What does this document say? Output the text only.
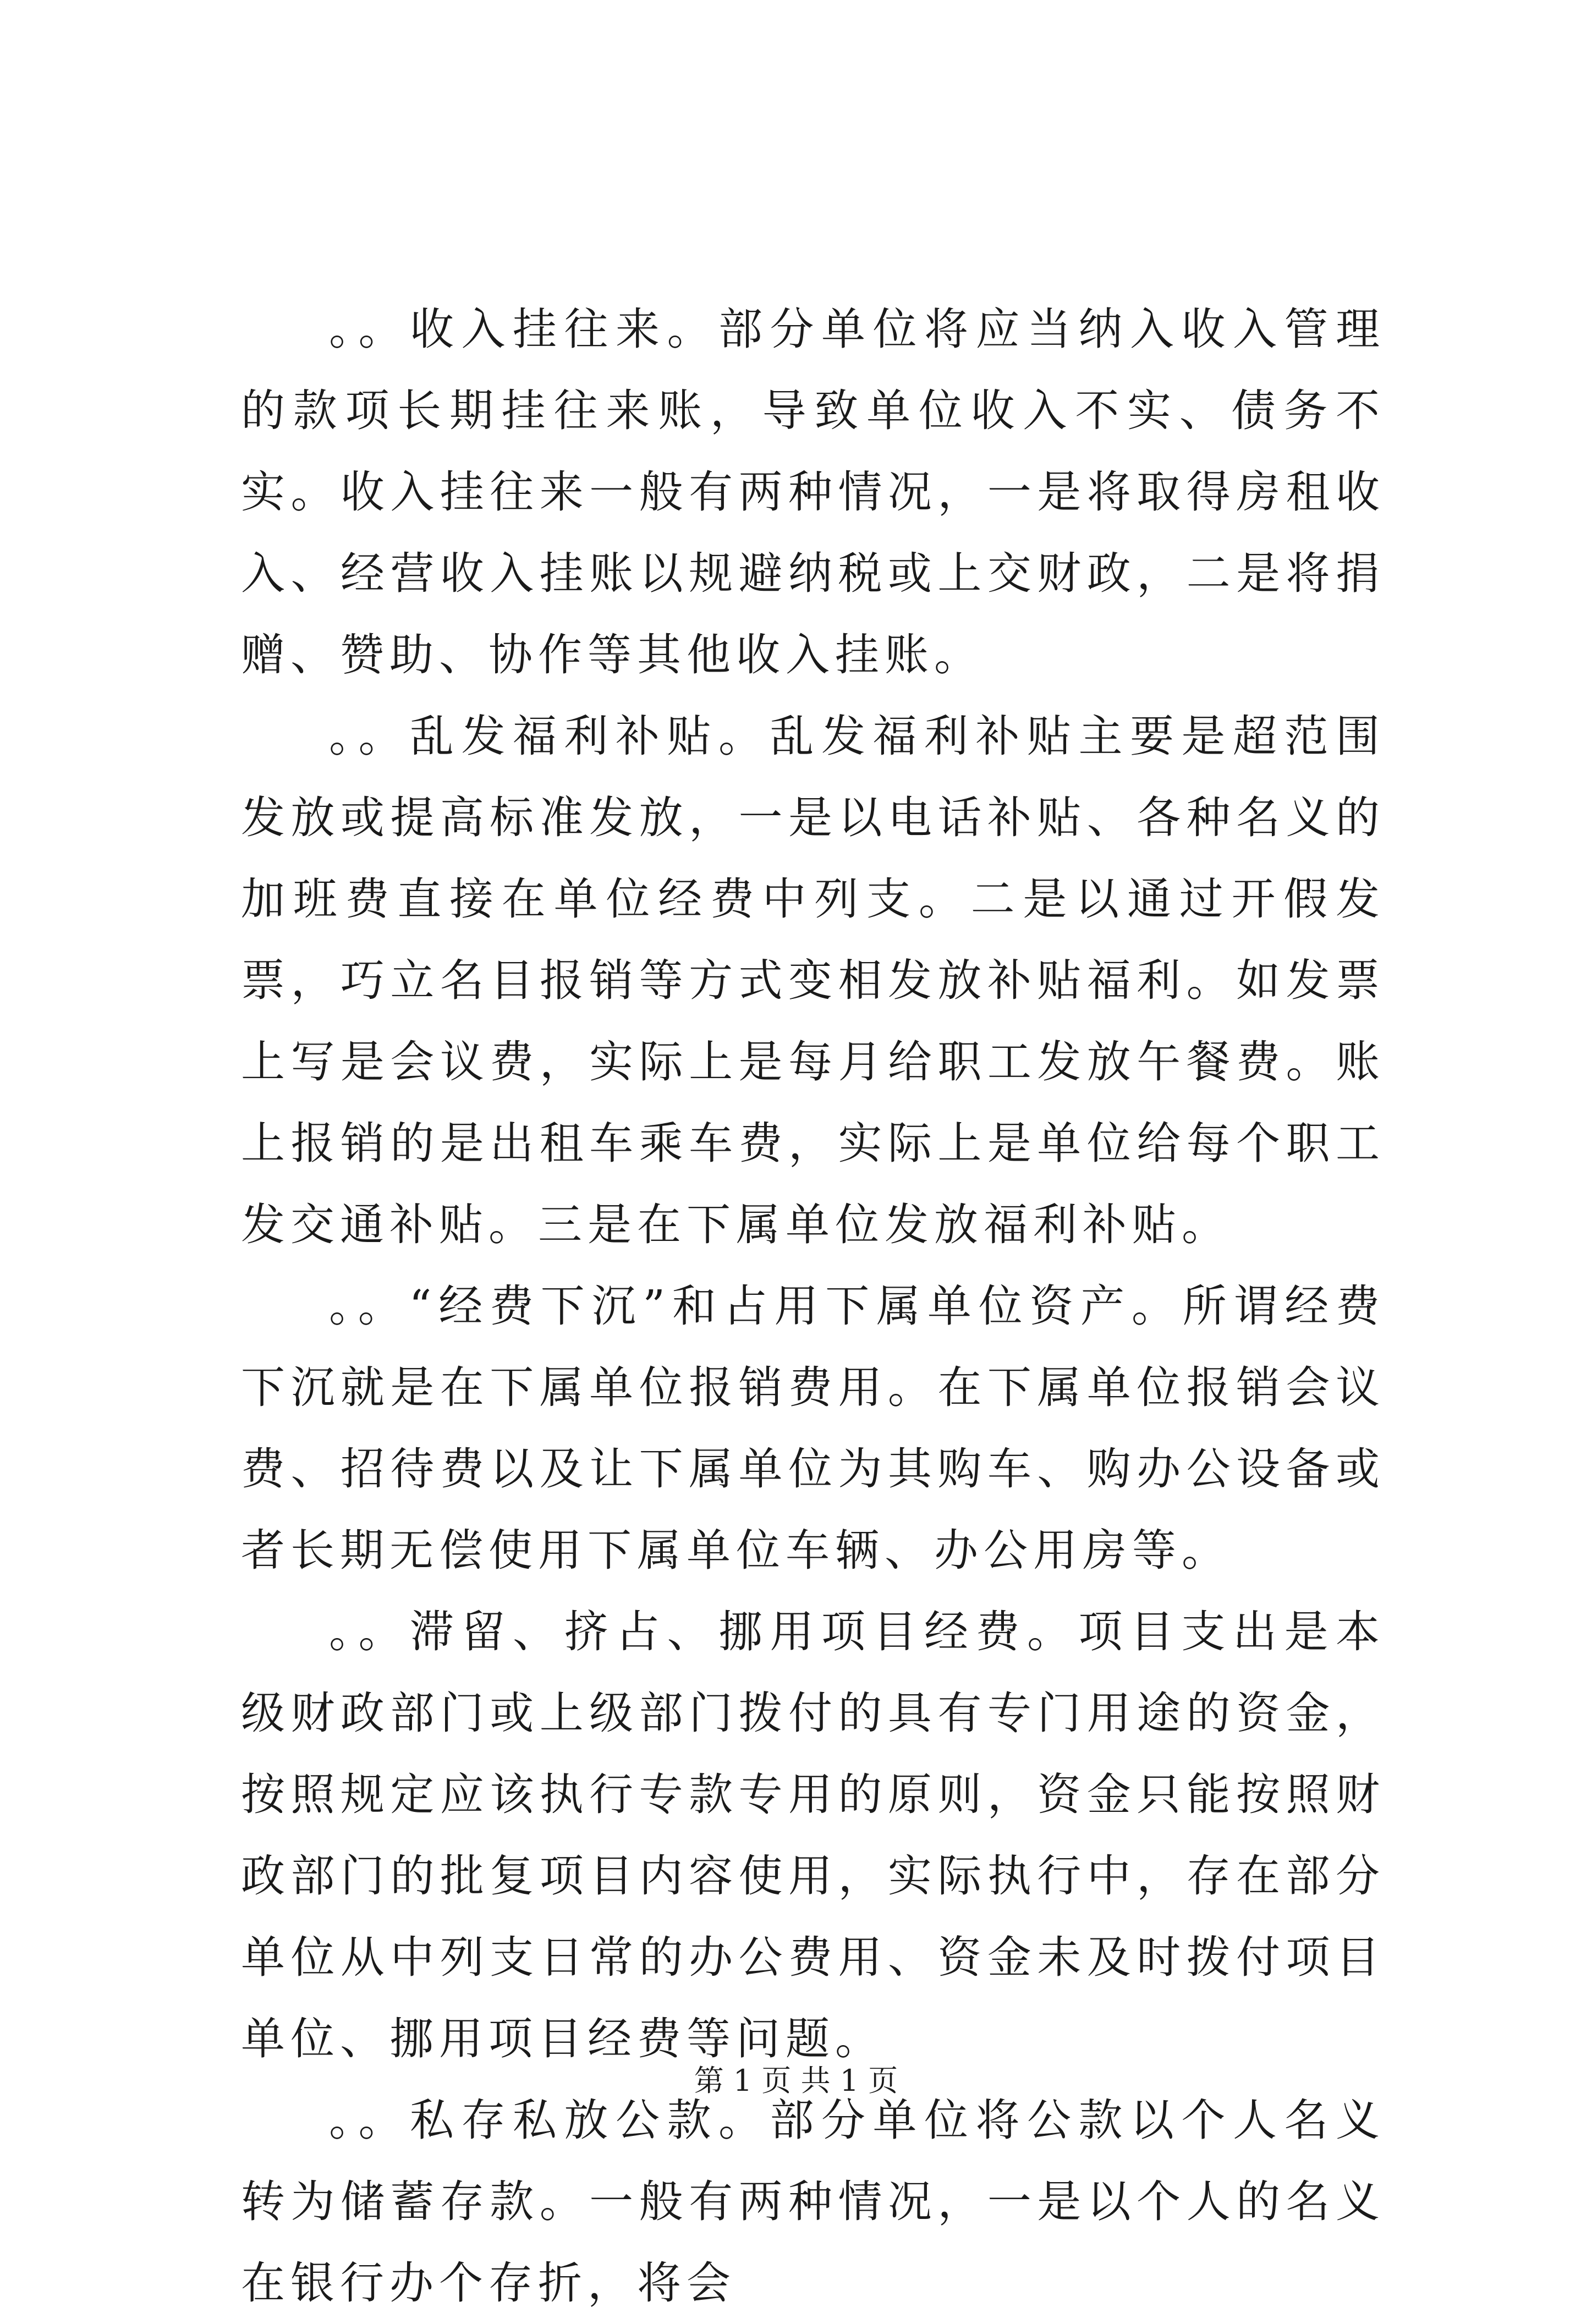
。。收入挂往来。部分单位将应当纳入收入管理的款项长期挂往来账，导致单位收入不实、债务不实。收入挂往来一般有两种情况，一是将取得房租收入、经营收入挂账以规避纳税或上交财政，二是将捐赠、赞助、协作等其他收入挂账。

。。乱发福利补贴。乱发福利补贴主要是超范围发放或提高标准发放，一是以电话补贴、各种名义的加班费直接在单位经费中列支。二是以通过开假发票，巧立名目报销等方式变相发放补贴福利。如发票上写是会议费，实际上是每月给职工发放午餐费。账上报销的是出租车乘车费，实际上是单位给每个职工发交通补贴。三是在下属单位发放福利补贴。

。。“经费下沉”和占用下属单位资产。所谓经费下沉就是在下属单位报销费用。在下属单位报销会议费、招待费以及让下属单位为其购车、购办公设备或者长期无偿使用下属单位车辆、办公用房等。

。。滞留、挤占、挪用项目经费。项目支出是本级财政部门或上级部门拨付的具有专门用途的资金，按照规定应该执行专款专用的原则，资金只能按照财政部门的批复项目内容使用，实际执行中，存在部分单位从中列支日常的办公费用、资金未及时拨付项目单位、挪用项目经费等问题。

。。私存私放公款。部分单位将公款以个人名义转为储蓄存款。一般有两种情况，一是以个人的名义在银行办个存折，将会

第 1 页 共 1 页
